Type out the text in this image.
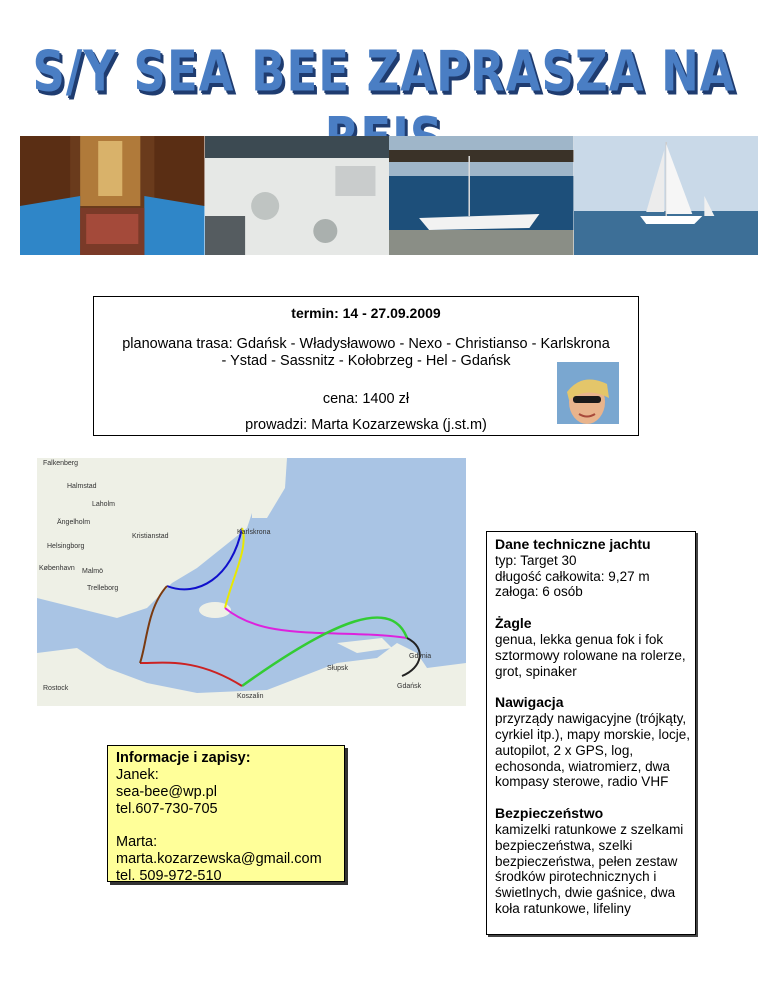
S/Y SEA BEE ZAPRASZA NA
termin: 14 - 27.09.2009
planowana trasa: Gdańsk - Władysławowo - Nexo - Christianso - Karlskrona
- Ystad - Sassnitz - Kołobrzeg - Hel - Gdańsk
cena: 1400 zł
prowadzi: Marta Kozarzewska (j.st.m)
Falkenberg
Halmstad
Laholm
Ängelholm
Helsingborg
Kristianstad
København Malmö
Trelleborg
Karlskrona
Rostock
Słupsk
Koszalin
Gdańsk
Gdynia
Informacje i zapisy:
Janek:
sea-bee@wp.pl
tel.607-730-705
Marta:
marta.kozarzewska@gmail.com
tel. 509-972-510

Dane techniczne jachtu

typ: Target 30

długość całkowita: 9,27 m

załoga: 6 osób

Żagle

genua, lekka genua fok i fok sztormowy rolowane na rolerze, grot, spinaker

Nawigacja

przyrządy nawigacyjne (trójkąty, cyrkiel itp.), mapy morskie, locje, autopilot, 2 x GPS, log, echosonda, wiatromierz, dwa kompasy sterowe, radio VHF

Bezpieczeństwo

kamizelki ratunkowe z szelkami bezpieczeństwa, szelki bezpieczeństwa, pełen zestaw środków pirotechnicznych i świetlnych, dwie gaśnice, dwa koła ratunkowe, lifeliny
